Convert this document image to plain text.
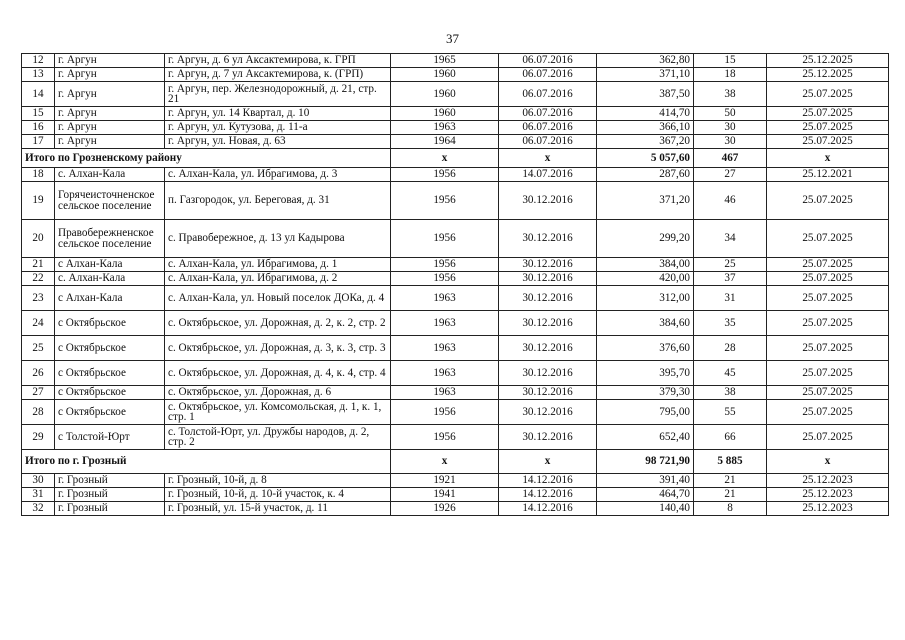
37
12	г. Аргун	г. Аргун, д. 6 ул Аксактемирова, к. ГРП	1965	06.07.2016	362,80	15	25.12.2025
13	г. Аргун	г. Аргун, д. 7 ул Аксактемирова, к. (ГРП)	1960	06.07.2016	371,10	18	25.12.2025
14	г. Аргун	г. Аргун, пер. Железнодорожный, д. 21, стр. 21	1960	06.07.2016	387,50	38	25.07.2025
15	г. Аргун	г. Аргун, ул. 14 Квартал, д. 10	1960	06.07.2016	414,70	50	25.07.2025
16	г. Аргун	г. Аргун, ул. Кутузова, д. 11-а	1963	06.07.2016	366,10	30	25.07.2025
17	г. Аргун	г. Аргун, ул. Новая, д. 63	1964	06.07.2016	367,20	30	25.07.2025
Итого по Грозненскому району			х	х	5 057,60	467	х
18	с. Алхан-Кала	с. Алхан-Кала, ул. Ибрагимова, д. 3	1956	14.07.2016	287,60	27	25.12.2021
19	Горячеисточненское сельское поселение	п. Газгородок, ул. Береговая, д. 31	1956	30.12.2016	371,20	46	25.07.2025
20	Правобережненское сельское поселение	с. Правобережное, д. 13 ул Кадырова	1956	30.12.2016	299,20	34	25.07.2025
21	с Алхан-Кала	с. Алхан-Кала, ул. Ибрагимова, д. 1	1956	30.12.2016	384,00	25	25.07.2025
22	с. Алхан-Кала	с. Алхан-Кала, ул. Ибрагимова, д. 2	1956	30.12.2016	420,00	37	25.07.2025
23	с Алхан-Кала	с. Алхан-Кала, ул. Новый поселок ДОКа, д. 4	1963	30.12.2016	312,00	31	25.07.2025
24	с Октябрьское	с. Октябрьское, ул. Дорожная, д. 2, к. 2, стр. 2	1963	30.12.2016	384,60	35	25.07.2025
25	с Октябрьское	с. Октябрьское, ул. Дорожная, д. 3, к. 3, стр. 3	1963	30.12.2016	376,60	28	25.07.2025
26	с Октябрьское	с. Октябрьское, ул. Дорожная, д. 4, к. 4, стр. 4	1963	30.12.2016	395,70	45	25.07.2025
27	с Октябрьское	с. Октябрьское, ул. Дорожная, д. 6	1963	30.12.2016	379,30	38	25.07.2025
28	с Октябрьское	с. Октябрьское, ул. Комсомольская, д. 1, к. 1, стр. 1	1956	30.12.2016	795,00	55	25.07.2025
29	с Толстой-Юрт	с. Толстой-Юрт, ул. Дружбы народов, д. 2, стр. 2	1956	30.12.2016	652,40	66	25.07.2025
Итого по г. Грозный			х	х	98 721,90	5 885	х
30	г. Грозный	г. Грозный, 10-й, д. 8	1921	14.12.2016	391,40	21	25.12.2023
31	г. Грозный	г. Грозный, 10-й, д. 10-й участок, к. 4	1941	14.12.2016	464,70	21	25.12.2023
32	г. Грозный	г. Грозный, ул. 15-й участок, д. 11	1926	14.12.2016	140,40	8	25.12.2023
